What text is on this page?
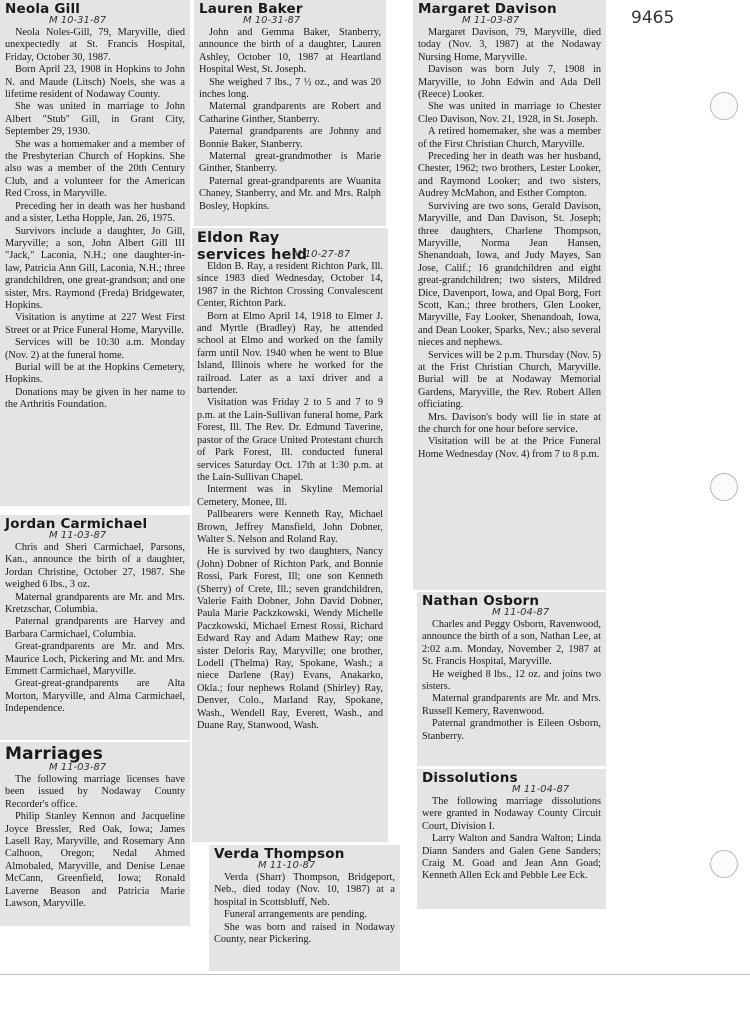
9465
Neola Gill
M 10-31-87

Neola Noles-Gill, 79, Maryville, died unexpectedly at St. Francis Hospital, Friday, October 30, 1987.

Born April 23, 1908 in Hopkins to John N. and Maude (Litsch) Noels, she was a lifetime resident of Nodaway County.

She was united in marriage to John Albert "Stub" Gill, in Grant City, September 29, 1930.

She was a homemaker and a member of the Presbyterian Church of Hopkins. She also was a member of the 20th Century Club, and a volunteer for the American Red Cross, in Maryville.

Preceding her in death was her husband and a sister, Letha Hopple, Jan. 26, 1975.

Survivors include a daughter, Jo Gill, Maryville; a son, John Albert Gill III "Jack," Laconia, N.H.; one daughter-in-law, Patricia Ann Gill, Laconia, N.H.; three grandchildren, one great-grandson; and one sister, Mrs. Raymond (Freda) Bridgewater, Hopkins.

Visitation is anytime at 227 West First Street or at Price Funeral Home, Maryville.

Services will be 10:30 a.m. Monday (Nov. 2) at the funeral home.

Burial will be at the Hopkins Cemetery, Hopkins.

Donations may be given in her name to the Arthritis Foundation.

Jordan Carmichael
M 11-03-87

Chris and Sheri Carmichael, Parsons, Kan., announce the birth of a daughter, Jordan Christine, October 27, 1987. She weighed 6 lbs., 3 oz.

Maternal grandparents are Mr. and Mrs. Kretzschar, Columbia.

Paternal grandparents are Harvey and Barbara Carmichael, Columbia.

Great-grandparents are Mr. and Mrs. Maurice Loch, Pickering and Mr. and Mrs. Emmett Carmichael, Maryville.

Great-great-grandparents are Alta Morton, Maryville, and Alma Carmichael, Independence.

Marriages
M 11-03-87

The following marriage licenses have been issued by Nodaway County Recorder's office.

Philip Stanley Kennon and Jacqueline Joyce Bressler, Red Oak, Iowa; James Lasell Ray, Maryville, and Rosemary Ann Calhoon, Oregon; Nedal Ahmed Almobaled, Maryville, and Denise Lenae McCann, Greenfield, Iowa; Ronald Laverne Beason and Patricia Marie Lawson, Maryville.

Lauren Baker
M 10-31-87

John and Gemma Baker, Stanberry, announce the birth of a daughter, Lauren Ashley, October 10, 1987 at Heartland Hospital West, St. Joseph.

She weighed 7 lbs., 7 ½ oz., and was 20 inches long.

Maternal grandparents are Robert and Catharine Ginther, Stanberry.

Paternal grandparents are Johnny and Bonnie Baker, Stanberry.

Maternal great-grandmother is Marie Ginther, Stanberry.

Paternal great-grandparents are Wuanita Chaney, Stanberry, and Mr. and Mrs. Ralph Bosley, Hopkins.

Eldon Ray services held
M 10-27-87

Eldon B. Ray, a resident Richton Park, Ill. since 1983 died Wednesday, October 14, 1987 in the Richton Crossing Convalescent Center, Richton Park.

Born at Elmo April 14, 1918 to Elmer J. and Myrtle (Bradley) Ray, he attended school at Elmo and worked on the family farm until Nov. 1940 when he went to Blue Island, Illinois where he worked for the railroad. Later as a taxi driver and a bartender.

Visitation was Friday 2 to 5 and 7 to 9 p.m. at the Lain-Sullivan funeral home, Park Forest, Ill. The Rev. Dr. Edmund Taverine, pastor of the Grace United Protestant church of Park Forest, Ill. conducted funeral services Saturday Oct. 17th at 1:30 p.m. at the Lain-Sullivan Chapel.

Interment was in Skyline Memorial Cemetery, Monee, Ill.

Pallbearers were Kenneth Ray, Michael Brown, Jeffrey Mansfield, John Dobner, Walter S. Nelson and Roland Ray.

He is survived by two daughters, Nancy (John) Dobner of Richton Park, and Bonnie Rossi, Park Forest, Ill; one son Kenneth (Sherry) of Crete, Ill.; seven grandchildren, Valerie Faith Dobner, John David Dobner, Paula Marie Packzkowski, Wendy Michelle Paczkowski, Michael Ernest Rossi, Richard Edward Ray and Adam Mathew Ray; one sister Deloris Ray, Maryville; one brother, Lodell (Thelma) Ray, Spokane, Wash.; a niece Darlene (Ray) Evans, Anakarko, Okla.; four nephews Roland (Shirley) Ray, Denver, Colo., Marland Ray, Spokane, Wash., Wendell Ray, Everett, Wash., and Duane Ray, Stanwood, Wash.

Verda Thompson
M 11-10-87

Verda (Sharr) Thompson, Bridgeport, Neb., died today (Nov. 10, 1987) at a hospital in Scottsbluff, Neb.

Funeral arrangements are pending.

She was born and raised in Nodaway County, near Pickering.

Margaret Davison
M 11-03-87

Margaret Davison, 79, Maryville, died today (Nov. 3, 1987) at the Nodaway Nursing Home, Maryville.

Davison was born July 7, 1908 in Maryville, to John Edwin and Ada Dell (Reece) Looker.

She was united in marriage to Chester Cleo Davison, Nov. 21, 1928, in St. Joseph.

A retired homemaker, she was a member of the First Christian Church, Maryville.

Preceding her in death was her husband, Chester, 1962; two brothers, Lester Looker, and Raymond Looker; and two sisters, Audrey McMahon, and Esther Compton.

Surviving are two sons, Gerald Davison, Maryville, and Dan Davison, St. Joseph; three daughters, Charlene Thompson, Maryville, Norma Jean Hansen, Shenandoah, Iowa, and Judy Mayes, San Jose, Calif.; 16 grandchildren and eight great-grandchildren; two sisters, Mildred Dice, Davenport, Iowa, and Opal Borg, Fort Scott, Kan.; three brothers, Glen Looker, Maryville, Fay Looker, Shenandoah, Iowa, and Dean Looker, Sparks, Nev.; also several nieces and nephews.

Services will be 2 p.m. Thursday (Nov. 5) at the Frist Christian Church, Maryville. Burial will be at Nodaway Memorial Gardens, Maryville, the Rev. Robert Allen officiating.

Mrs. Davison's body will lie in state at the church for one hour before service.

Visitation will be at the Price Funeral Home Wednesday (Nov. 4) from 7 to 8 p.m.

Nathan Osborn
M 11-04-87

Charles and Peggy Osborn, Ravenwood, announce the birth of a son, Nathan Lee, at 2:02 a.m. Monday, November 2, 1987 at St. Francis Hospital, Maryville.

He weighed 8 lbs., 12 oz. and joins two sisters.

Maternal grandparents are Mr. and Mrs. Russell Kemery, Ravenwood.

Paternal grandmother is Eileen Osborn, Stanberry.

Dissolutions
M 11-04-87

The following marriage dissolutions were granted in Nodaway County Circuit Court, Division I.

Larry Walton and Sandra Walton; Linda Diann Sanders and Galen Gene Sanders; Craig M. Goad and Jean Ann Goad; Kenneth Allen Eck and Pebble Lee Eck.
